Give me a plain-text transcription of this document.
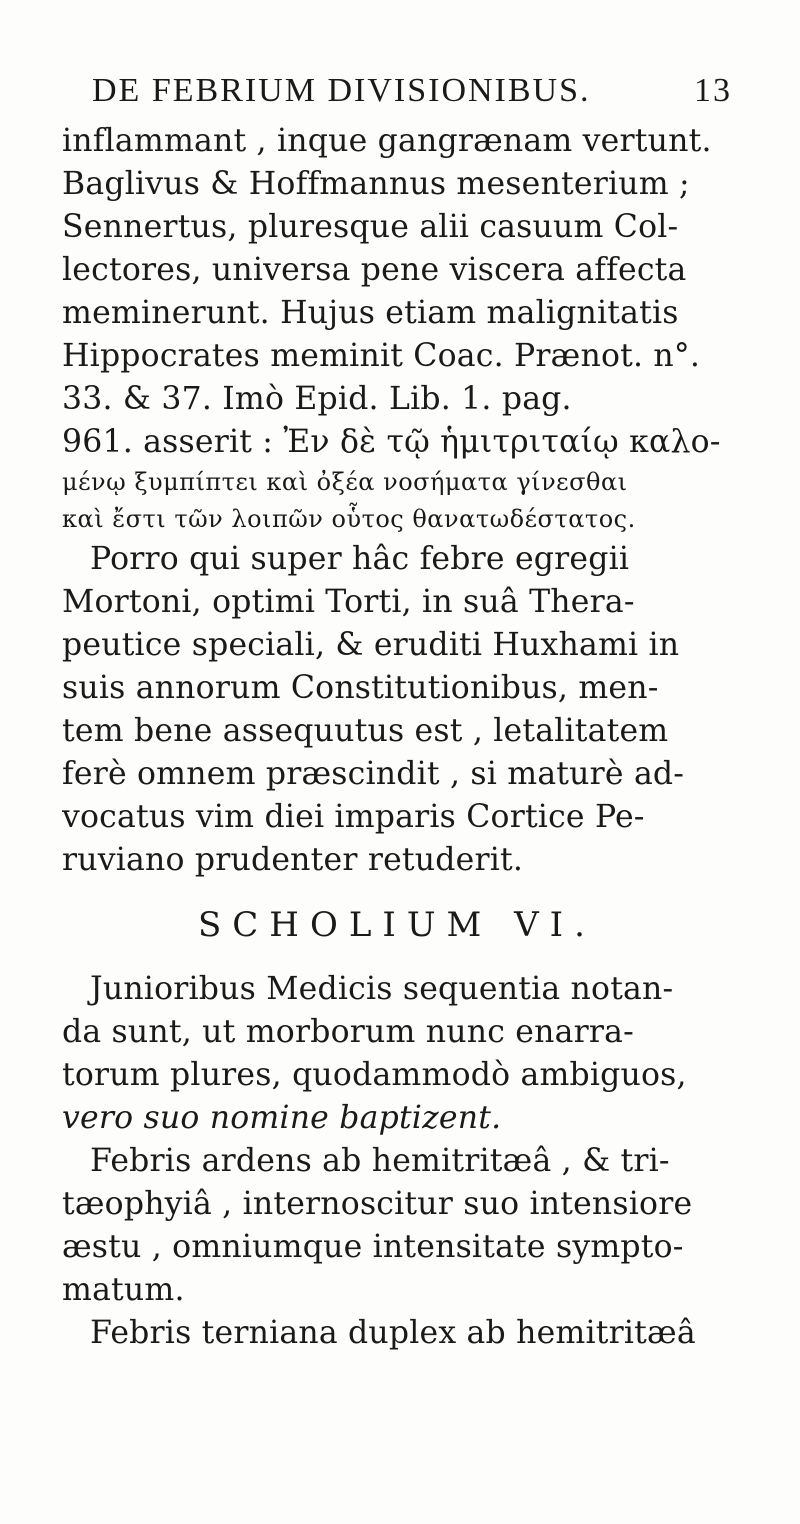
DE FEBRIUM DIVISIONIBUS.	13
inflammant , inque gangrænam vertunt.
Baglivus & Hoffmannus mesenterium ;
Sennertus, pluresque alii casuum Col-
lectores, universa pene viscera affecta
meminerunt. Hujus etiam malignitatis
Hippocrates meminit Coac. Prænot. n°.
33. & 37. Imò Epid. Lib. 1. pag.
961. asserit : Ἐν δὲ τῷ ἡμιτριταίῳ καλο-
μένῳ ξυμπίπτει καὶ ὀξέα νοσήματα γίνεσθαι
καὶ ἔστι τῶν λοιπῶν οὗτος θανατωδέστατος.
Porro qui super hâc febre egregii
Mortoni, optimi Torti, in suâ Thera-
peutice speciali, & eruditi Huxhami in
suis annorum Constitutionibus, men-
tem bene assequutus est , letalitatem
ferè omnem præscindit , si maturè ad-
vocatus vim diei imparis Cortice Pe-
ruviano prudenter retuderit.
SCHOLIUM VI.
Junioribus Medicis sequentia notan-
da sunt, ut morborum nunc enarra-
torum plures, quodammodò ambiguos,
vero suo nomine baptizent.
Febris ardens ab hemitritæâ , & tri-
tæophyiâ , internoscitur suo intensiore
æstu , omniumque intensitate sympto-
matum.
Febris terniana duplex ab hemitritæâ
